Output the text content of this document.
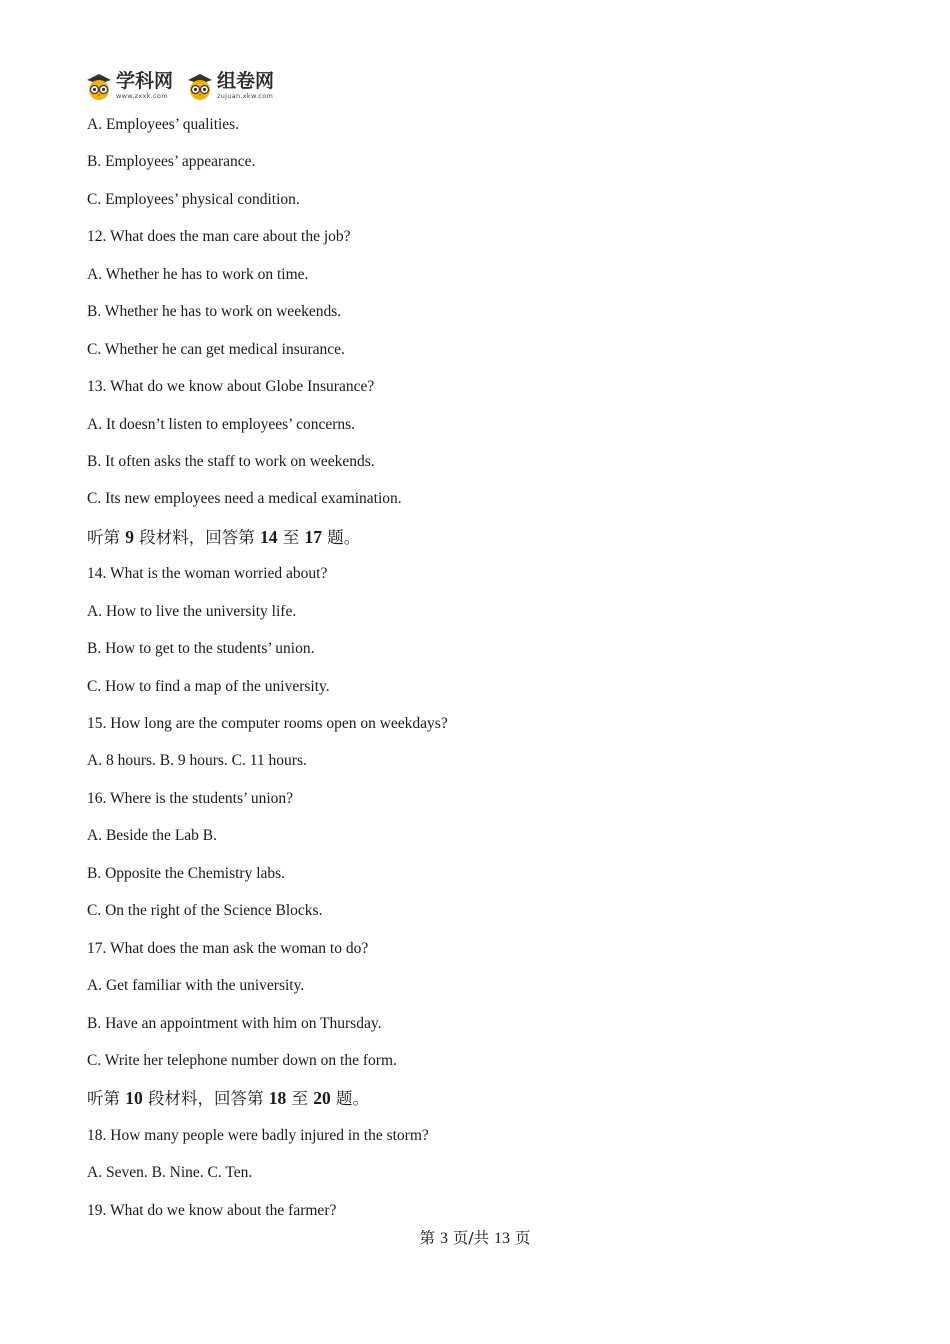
学科网
www.zxxk.com
组卷网
zujuan.xkw.com
A. Employees’ qualities.
B. Employees’ appearance.
C. Employees’ physical condition.
12. What does the man care about the job?
A. Whether he has to work on time.
B. Whether he has to work on weekends.
C. Whether he can get medical insurance.
13. What do we know about Globe Insurance?
A. It doesn’t listen to employees’ concerns.
B. It often asks the staff to work on weekends.
C. Its new employees need a medical examination.
听第 9 段材料，回答第 14 至 17 题。
14. What is the woman worried about?
A. How to live the university life.
B. How to get to the students’ union.
C. How to find a map of the university.
15. How long are the computer rooms open on weekdays?
A. 8 hours. B. 9 hours. C. 11 hours.
16. Where is the students’ union?
A. Beside the Lab B.
B. Opposite the Chemistry labs.
C. On the right of the Science Blocks.
17. What does the man ask the woman to do?
A. Get familiar with the university.
B. Have an appointment with him on Thursday.
C. Write her telephone number down on the form.
听第 10 段材料，回答第 18 至 20 题。
18. How many people were badly injured in the storm?
A. Seven. B. Nine. C. Ten.
19. What do we know about the farmer?
第 3 页/共 13 页
